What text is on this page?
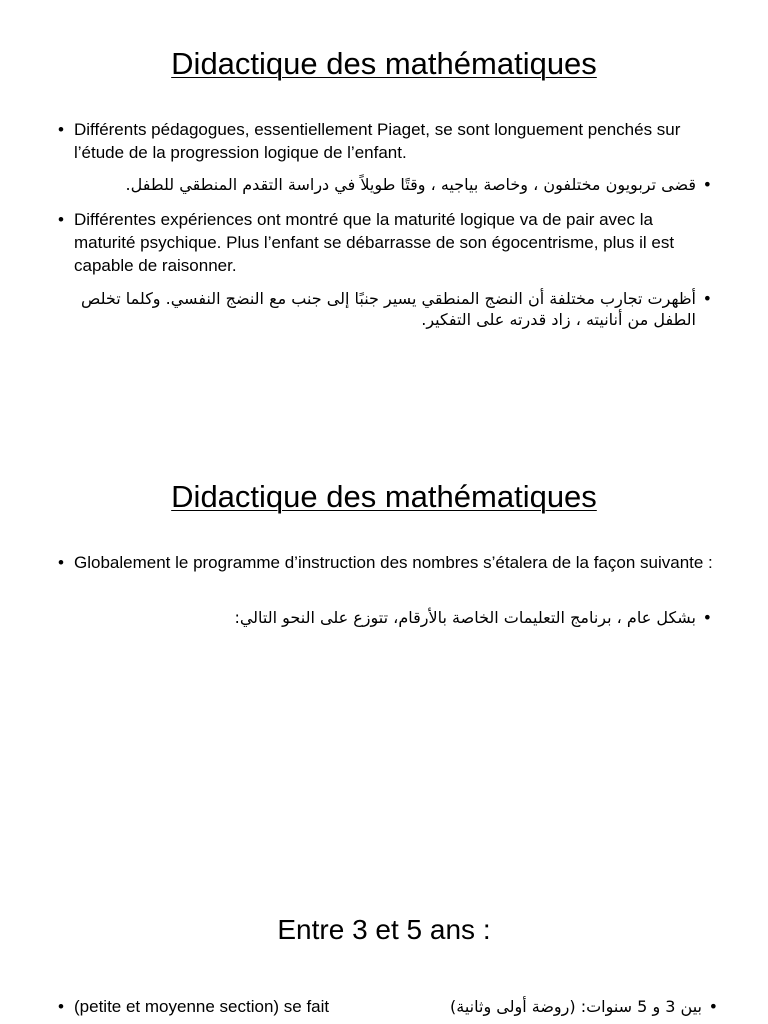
Didactique des mathématiques
• Différents pédagogues, essentiellement Piaget, se sont longuement penchés sur l’étude de la progression logique de l’enfant.
•
قضى تربويون مختلفون ، وخاصة بياجيه ، وقتًا طويلاً في دراسة التقدم المنطقي للطفل.
• Différentes expériences ont montré que la maturité logique va de pair avec la maturité psychique. Plus l’enfant se débarrasse de son égocentrisme, plus il est capable de raisonner.
•
أظهرت تجارب مختلفة أن النضج المنطقي يسير جنبًا إلى جنب مع النضج النفسي. وكلما تخلص الطفل من أنانيته ، زاد قدرته على التفكير.
Didactique des mathématiques
• Globalement le programme d’instruction des nombres s’étalera de la façon suivante :
•
بشكل عام ، برنامج التعليمات الخاصة بالأرقام، تتوزع على النحو التالي:
Entre 3 et 5 ans :
• (petite et moyenne section) se fait	•
بين 3 و 5 سنوات: (روضة أولى وثانية)
